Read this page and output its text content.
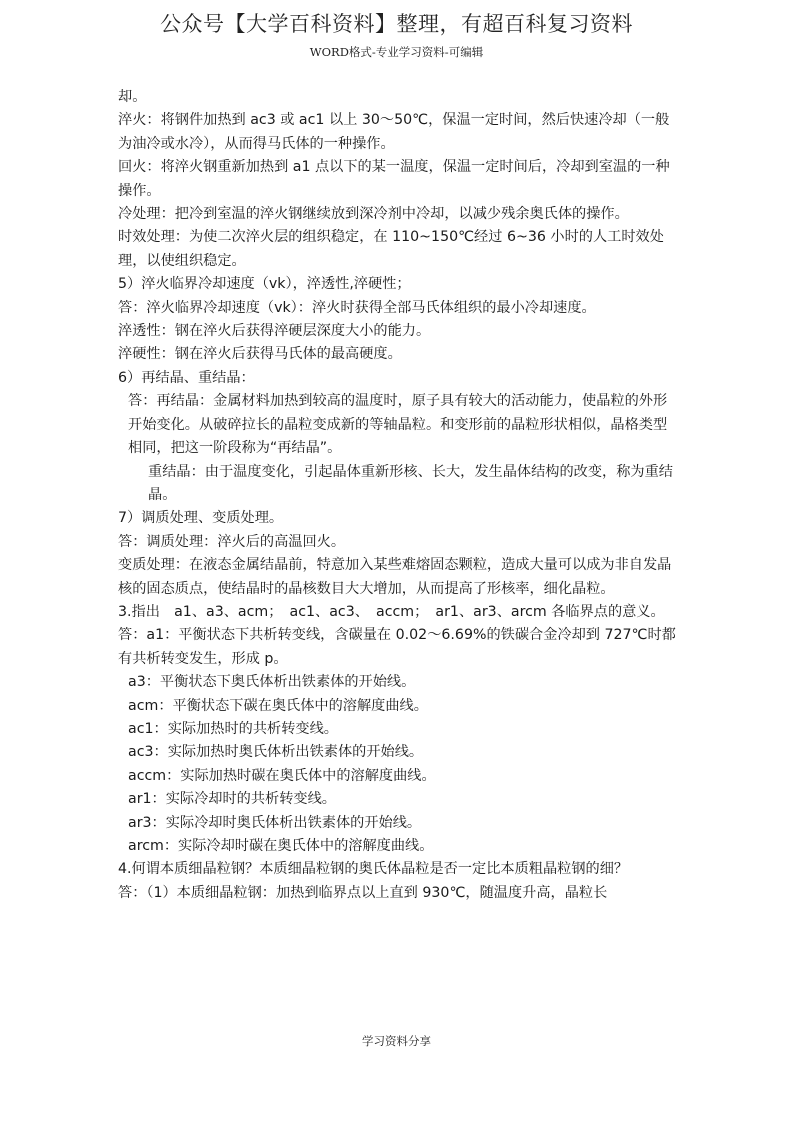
公众号【大学百科资料】整理，有超百科复习资料
WORD格式-专业学习资料-可编辑

却。

淬火：将钢件加热到 ac3 或 ac1 以上 30～50℃，保温一定时间，然后快速冷却（一般为油冷或水冷），从而得马氏体的一种操作。

回火：将淬火钢重新加热到 a1 点以下的某一温度，保温一定时间后，冷却到室温的一种操作。

冷处理：把冷到室温的淬火钢继续放到深冷剂中冷却，以减少残余奥氏体的操作。

时效处理：为使二次淬火层的组织稳定，在 110~150℃经过 6~36 小时的人工时效处理，以使组织稳定。

5）淬火临界冷却速度（vk），淬透性,淬硬性；

答：淬火临界冷却速度（vk）：淬火时获得全部马氏体组织的最小冷却速度。

淬透性：钢在淬火后获得淬硬层深度大小的能力。

淬硬性：钢在淬火后获得马氏体的最高硬度。

6）再结晶、重结晶：

答：再结晶：金属材料加热到较高的温度时，原子具有较大的活动能力，使晶粒的外形开始变化。从破碎拉长的晶粒变成新的等轴晶粒。和变形前的晶粒形状相似，晶格类型相同，把这一阶段称为“再结晶”。

重结晶：由于温度变化，引起晶体重新形核、长大，发生晶体结构的改变，称为重结晶。

7）调质处理、变质处理。

答：调质处理：淬火后的高温回火。

变质处理：在液态金属结晶前，特意加入某些难熔固态颗粒，造成大量可以成为非自发晶核的固态质点，使结晶时的晶核数目大大增加，从而提高了形核率，细化晶粒。

3.指出　a1、a3、acm；　ac1、ac3、　accm；　ar1、ar3、arcm 各临界点的意义。

答：a1：平衡状态下共析转变线，含碳量在 0.02～6.69%的铁碳合金冷却到 727℃时都有共析转变发生，形成 p。

a3：平衡状态下奥氏体析出铁素体的开始线。

acm：平衡状态下碳在奥氏体中的溶解度曲线。

ac1：实际加热时的共析转变线。

ac3：实际加热时奥氏体析出铁素体的开始线。

accm：实际加热时碳在奥氏体中的溶解度曲线。

ar1：实际冷却时的共析转变线。

ar3：实际冷却时奥氏体析出铁素体的开始线。

arcm：实际冷却时碳在奥氏体中的溶解度曲线。

4.何谓本质细晶粒钢？本质细晶粒钢的奥氏体晶粒是否一定比本质粗晶粒钢的细？

答：（1）本质细晶粒钢：加热到临界点以上直到 930℃，随温度升高，晶粒长

学习资料分享
